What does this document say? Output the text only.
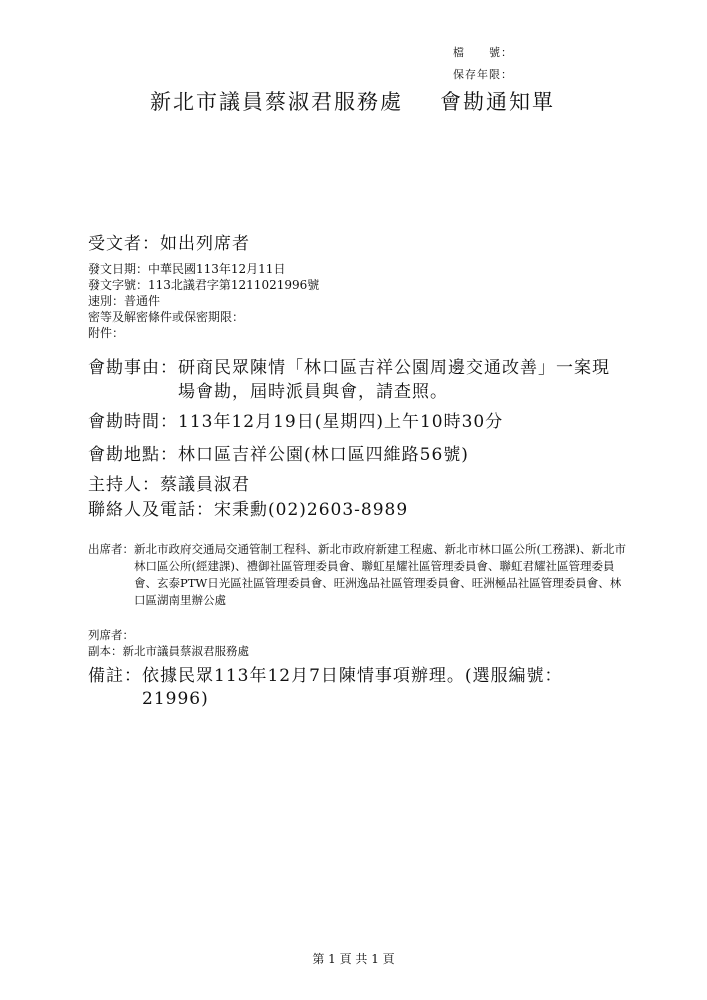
檔　　號：
保存年限：
新北市議員蔡淑君服務處 會勘通知單
受文者：如出列席者
發文日期：中華民國113年12月11日
發文字號：113北議君字第1211021996號
速別：普通件
密等及解密條件或保密期限：
附件：
會勘事由： 研商民眾陳情「林口區吉祥公園周邊交通改善」一案現場會勘，屆時派員與會，請查照。
會勘時間： 113年12月19日(星期四)上午10時30分
會勘地點： 林口區吉祥公園(林口區四維路56號)
主持人：蔡議員淑君
聯絡人及電話：宋秉勳(02)2603-8989
出席者： 新北市政府交通局交通管制工程科、新北市政府新建工程處、新北市林口區公所(工務課)、新北市林口區公所(經建課)、禮御社區管理委員會、聯虹星耀社區管理委員會、聯虹君耀社區管理委員會、玄泰PTW日光區社區管理委員會、旺洲逸品社區管理委員會、旺洲極品社區管理委員會、林口區湖南里辦公處
列席者：
副本：新北市議員蔡淑君服務處
備註： 依據民眾113年12月7日陳情事項辦理。(選服編號：21996)
第 1 頁 共 1 頁
